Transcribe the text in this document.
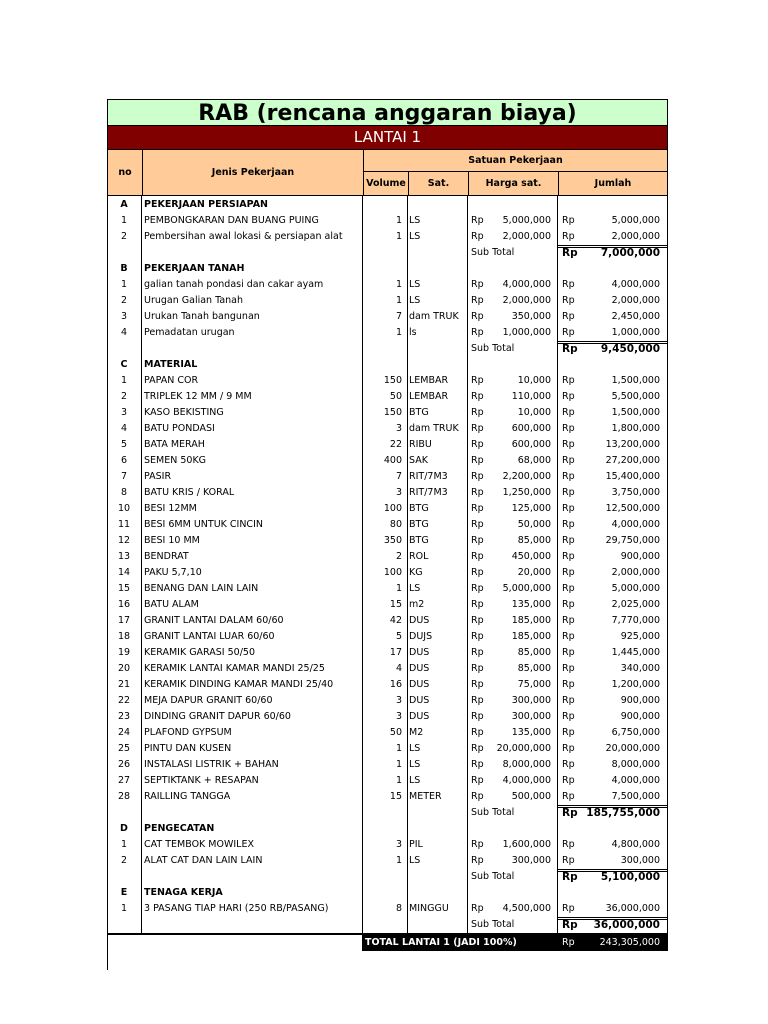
RAB (rencana anggaran biaya)
LANTAI 1
no	Jenis Pekerjaan
Satuan Pekerjaan
Volume	Sat.	Harga sat.	Jumlah
A	PEKERJAAN PERSIAPAN
1	PEMBONGKARAN DAN BUANG PUING	1 LS	Rp	5,000,000 Rp	5,000,000
2	Pembersihan awal lokasi & persiapan alat	1 LS	Rp	2,000,000 Rp	2,000,000
Sub Total	Rp	7,000,000
B	PEKERJAAN TANAH
1	galian tanah pondasi dan cakar ayam	1 LS	Rp	4,000,000 Rp	4,000,000
2	Urugan Galian Tanah	1 LS	Rp	2,000,000 Rp	2,000,000
3	Urukan Tanah bangunan	7 dam TRUK Rp	350,000 Rp	2,450,000
4	Pemadatan urugan	1 ls	Rp	1,000,000 Rp	1,000,000
Sub Total	Rp	9,450,000
C	MATERIAL
1	PAPAN COR	150 LEMBAR Rp	10,000 Rp	1,500,000
2	TRIPLEK 12 MM / 9 MM	50 LEMBAR Rp	110,000 Rp	5,500,000
3	KASO BEKISTING	150 BTG	Rp	10,000 Rp	1,500,000
4	BATU PONDASI	3 dam TRUK Rp	600,000 Rp	1,800,000
5	BATA MERAH	22 RIBU	Rp	600,000 Rp	13,200,000
6	SEMEN 50KG	400 SAK	Rp	68,000 Rp	27,200,000
7	PASIR	7 RIT/7M3 Rp	2,200,000 Rp	15,400,000
8	BATU KRIS / KORAL	3 RIT/7M3 Rp	1,250,000 Rp	3,750,000
10	BESI 12MM	100 BTG	Rp	125,000 Rp	12,500,000
11	BESI 6MM UNTUK CINCIN	80 BTG	Rp	50,000 Rp	4,000,000
12	BESI 10 MM	350 BTG	Rp	85,000 Rp	29,750,000
13	BENDRAT	2 ROL	Rp	450,000 Rp	900,000
14	PAKU 5,7,10	100 KG	Rp	20,000 Rp	2,000,000
15	BENANG DAN LAIN LAIN	1 LS	Rp	5,000,000 Rp	5,000,000
16	BATU ALAM	15 m2	Rp	135,000 Rp	2,025,000
17	GRANIT LANTAI DALAM 60/60	42 DUS	Rp	185,000 Rp	7,770,000
18	GRANIT LANTAI LUAR 60/60	5 DUJS	Rp	185,000 Rp	925,000
19	KERAMIK GARASI 50/50	17 DUS	Rp	85,000 Rp	1,445,000
20	KERAMIK LANTAI KAMAR MANDI 25/25	4 DUS	Rp	85,000 Rp	340,000
21	KERAMIK DINDING KAMAR MANDI 25/40	16 DUS	Rp	75,000 Rp	1,200,000
22	MEJA DAPUR GRANIT 60/60	3 DUS	Rp	300,000 Rp	900,000
23	DINDING GRANIT DAPUR 60/60	3 DUS	Rp	300,000 Rp	900,000
24	PLAFOND GYPSUM	50 M2	Rp	135,000 Rp	6,750,000
25	PINTU DAN KUSEN	1 LS	Rp	20,000,000 Rp	20,000,000
26	INSTALASI LISTRIK + BAHAN	1 LS	Rp	8,000,000 Rp	8,000,000
27	SEPTIKTANK + RESAPAN	1 LS	Rp	4,000,000 Rp	4,000,000
28	RAILLING TANGGA	15 METER	Rp	500,000 Rp	7,500,000
Sub Total	Rp 185,755,000
D	PENGECATAN
1	CAT TEMBOK MOWILEX	3 PIL	Rp	1,600,000 Rp	4,800,000
2	ALAT CAT DAN LAIN LAIN	1 LS	Rp	300,000 Rp	300,000
Sub Total	Rp	5,100,000
E	TENAGA KERJA
1	3 PASANG TIAP HARI (250 RB/PASANG)	8 MINGGU Rp	4,500,000 Rp	36,000,000
Sub Total	Rp	36,000,000
TOTAL LANTAI 1 (JADI 100%)	Rp	243,305,000
